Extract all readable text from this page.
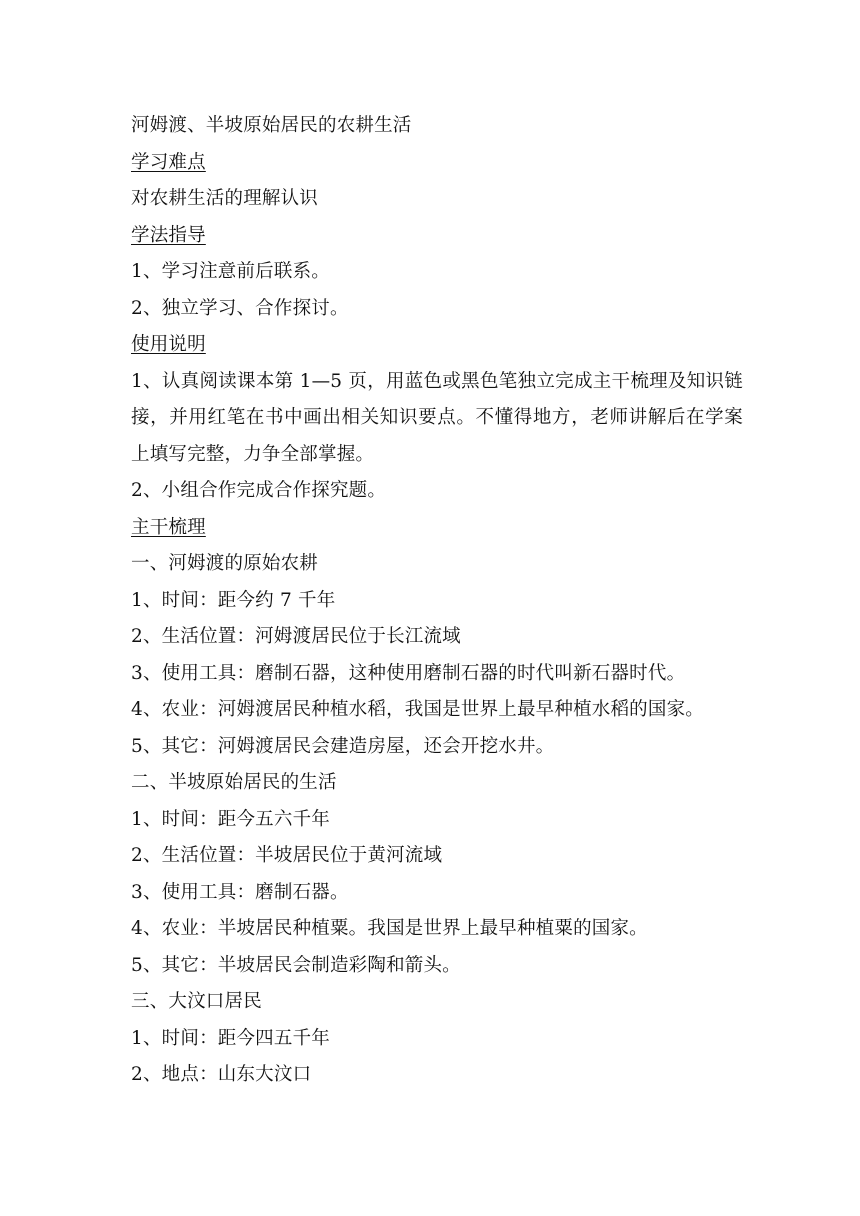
河姆渡、半坡原始居民的农耕生活
学习难点
对农耕生活的理解认识
学法指导
1、学习注意前后联系。
2、独立学习、合作探讨。
使用说明
1、认真阅读课本第 1—5 页，用蓝色或黑色笔独立完成主干梳理及知识链接，并用红笔在书中画出相关知识要点。不懂得地方，老师讲解后在学案上填写完整，力争全部掌握。
2、小组合作完成合作探究题。
主干梳理
一、河姆渡的原始农耕
1、时间：距今约 7 千年
2、生活位置：河姆渡居民位于长江流域
3、使用工具：磨制石器，这种使用磨制石器的时代叫新石器时代。
4、农业：河姆渡居民种植水稻，我国是世界上最早种植水稻的国家。
5、其它：河姆渡居民会建造房屋，还会开挖水井。
二、半坡原始居民的生活
1、时间：距今五六千年
2、生活位置：半坡居民位于黄河流域
3、使用工具：磨制石器。
4、农业：半坡居民种植粟。我国是世界上最早种植粟的国家。
5、其它：半坡居民会制造彩陶和箭头。
三、大汶口居民
1、时间：距今四五千年
2、地点：山东大汶口
